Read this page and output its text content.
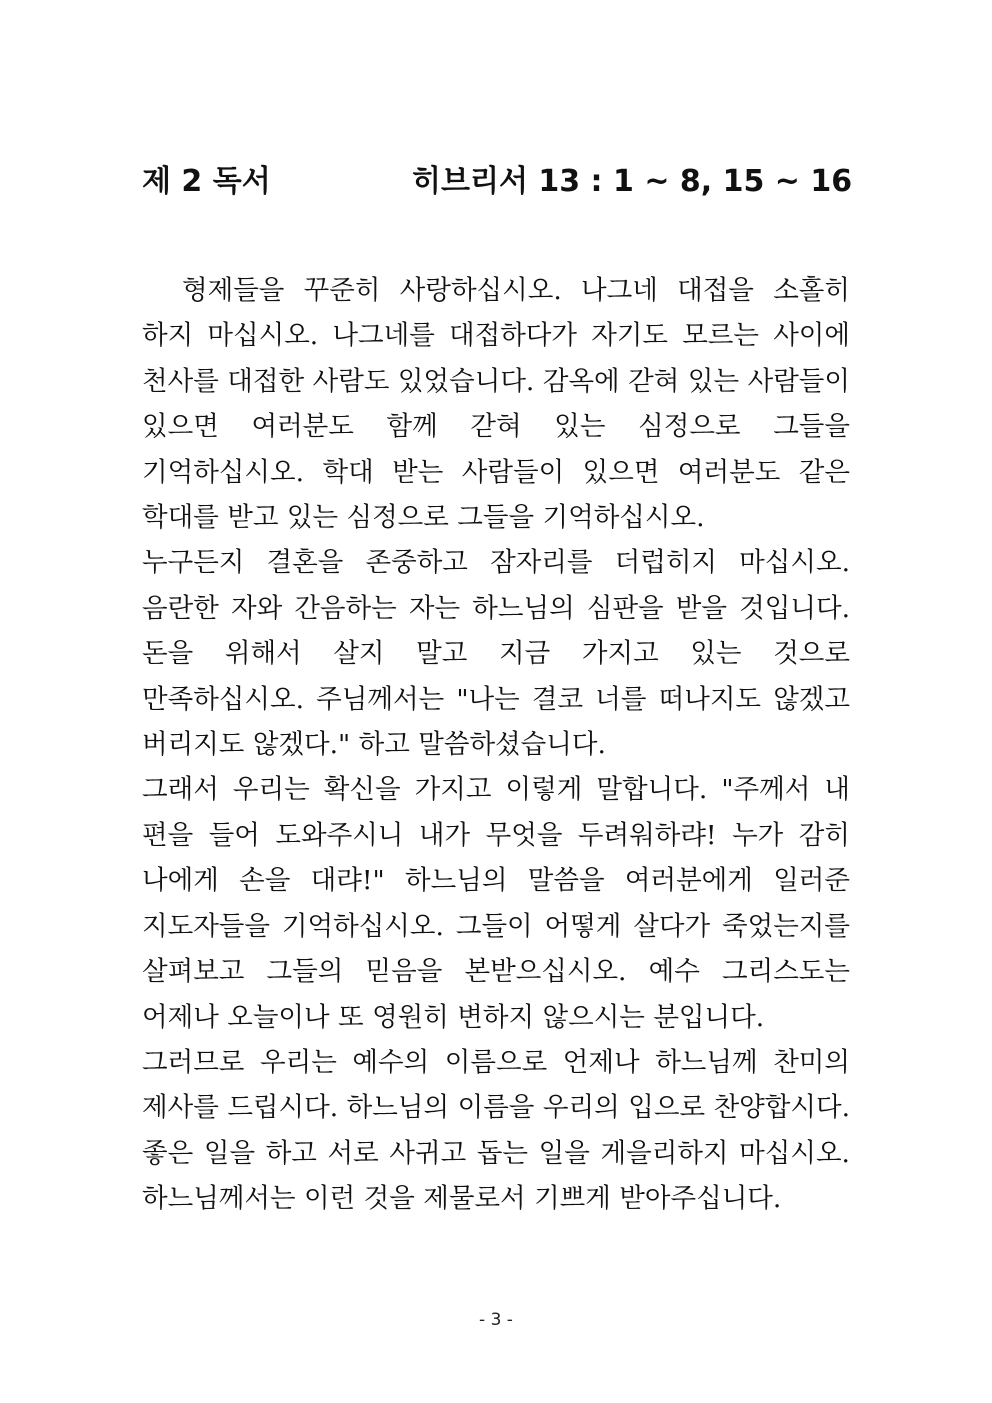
제 2 독서	히브리서 13 : 1 ~ 8, 15 ~ 16

형제들을 꾸준히 사랑하십시오. 나그네 대접을 소홀히 하지 마십시오. 나그네를 대접하다가 자기도 모르는 사이에 천사를 대접한 사람도 있었습니다. 감옥에 갇혀 있는 사람들이 있으면 여러분도 함께 갇혀 있는 심정으로 그들을 기억하십시오. 학대 받는 사람들이 있으면 여러분도 같은 학대를 받고 있는 심정으로 그들을 기억하십시오.

누구든지 결혼을 존중하고 잠자리를 더럽히지 마십시오. 음란한 자와 간음하는 자는 하느님의 심판을 받을 것입니다. 돈을 위해서 살지 말고 지금 가지고 있는 것으로 만족하십시오. 주님께서는 "나는 결코 너를 떠나지도 않겠고 버리지도 않겠다." 하고 말씀하셨습니다.

그래서 우리는 확신을 가지고 이렇게 말합니다. "주께서 내 편을 들어 도와주시니 내가 무엇을 두려워하랴! 누가 감히 나에게 손을 대랴!" 하느님의 말씀을 여러분에게 일러준 지도자들을 기억하십시오. 그들이 어떻게 살다가 죽었는지를 살펴보고 그들의 믿음을 본받으십시오. 예수 그리스도는 어제나 오늘이나 또 영원히 변하지 않으시는 분입니다.

그러므로 우리는 예수의 이름으로 언제나 하느님께 찬미의 제사를 드립시다. 하느님의 이름을 우리의 입으로 찬양합시다. 좋은 일을 하고 서로 사귀고 돕는 일을 게을리하지 마십시오. 하느님께서는 이런 것을 제물로서 기쁘게 받아주십니다.

- 3 -
